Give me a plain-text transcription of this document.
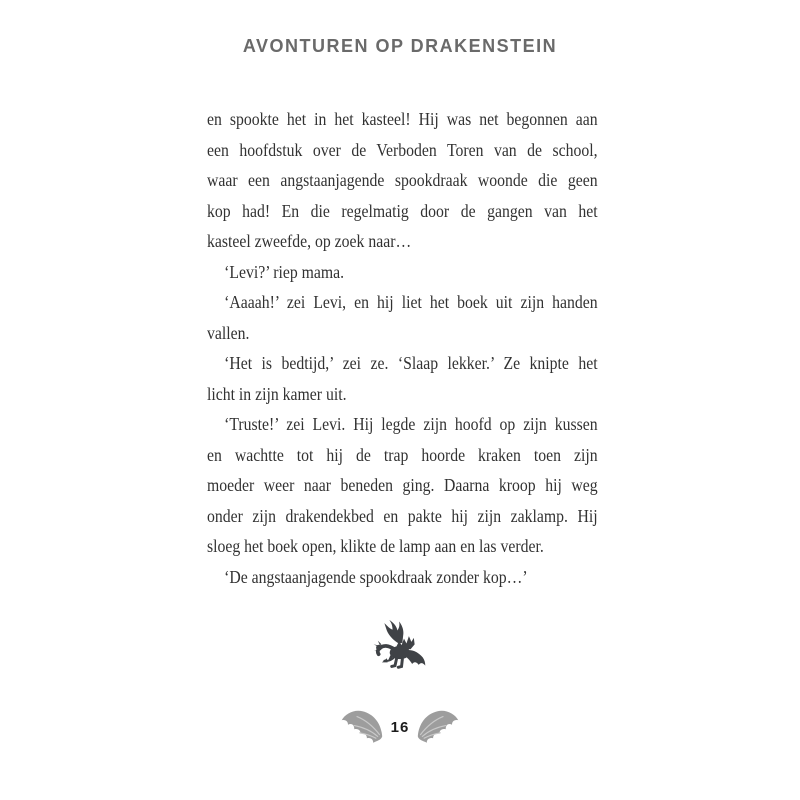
AVONTUREN OP DRAKENSTEIN
en spookte het in het kasteel! Hij was net begonnen aan
een hoofdstuk over de Verboden Toren van de school,
waar een angstaanjagende spookdraak woonde die geen
kop had! En die regelmatig door de gangen van het
kasteel zweefde, op zoek naar…
‘Levi?’ riep mama.
‘Aaaah!’ zei Levi, en hij liet het boek uit zijn handen
vallen.
‘Het is bedtijd,’ zei ze. ‘Slaap lekker.’ Ze knipte het
licht in zijn kamer uit.
‘Truste!’ zei Levi. Hij legde zijn hoofd op zijn kussen
en wachtte tot hij de trap hoorde kraken toen zijn
moeder weer naar beneden ging. Daarna kroop hij weg
onder zijn drakendekbed en pakte hij zijn zaklamp. Hij
sloeg het boek open, klikte de lamp aan en las verder.
‘De angstaanjagende spookdraak zonder kop…’
16
